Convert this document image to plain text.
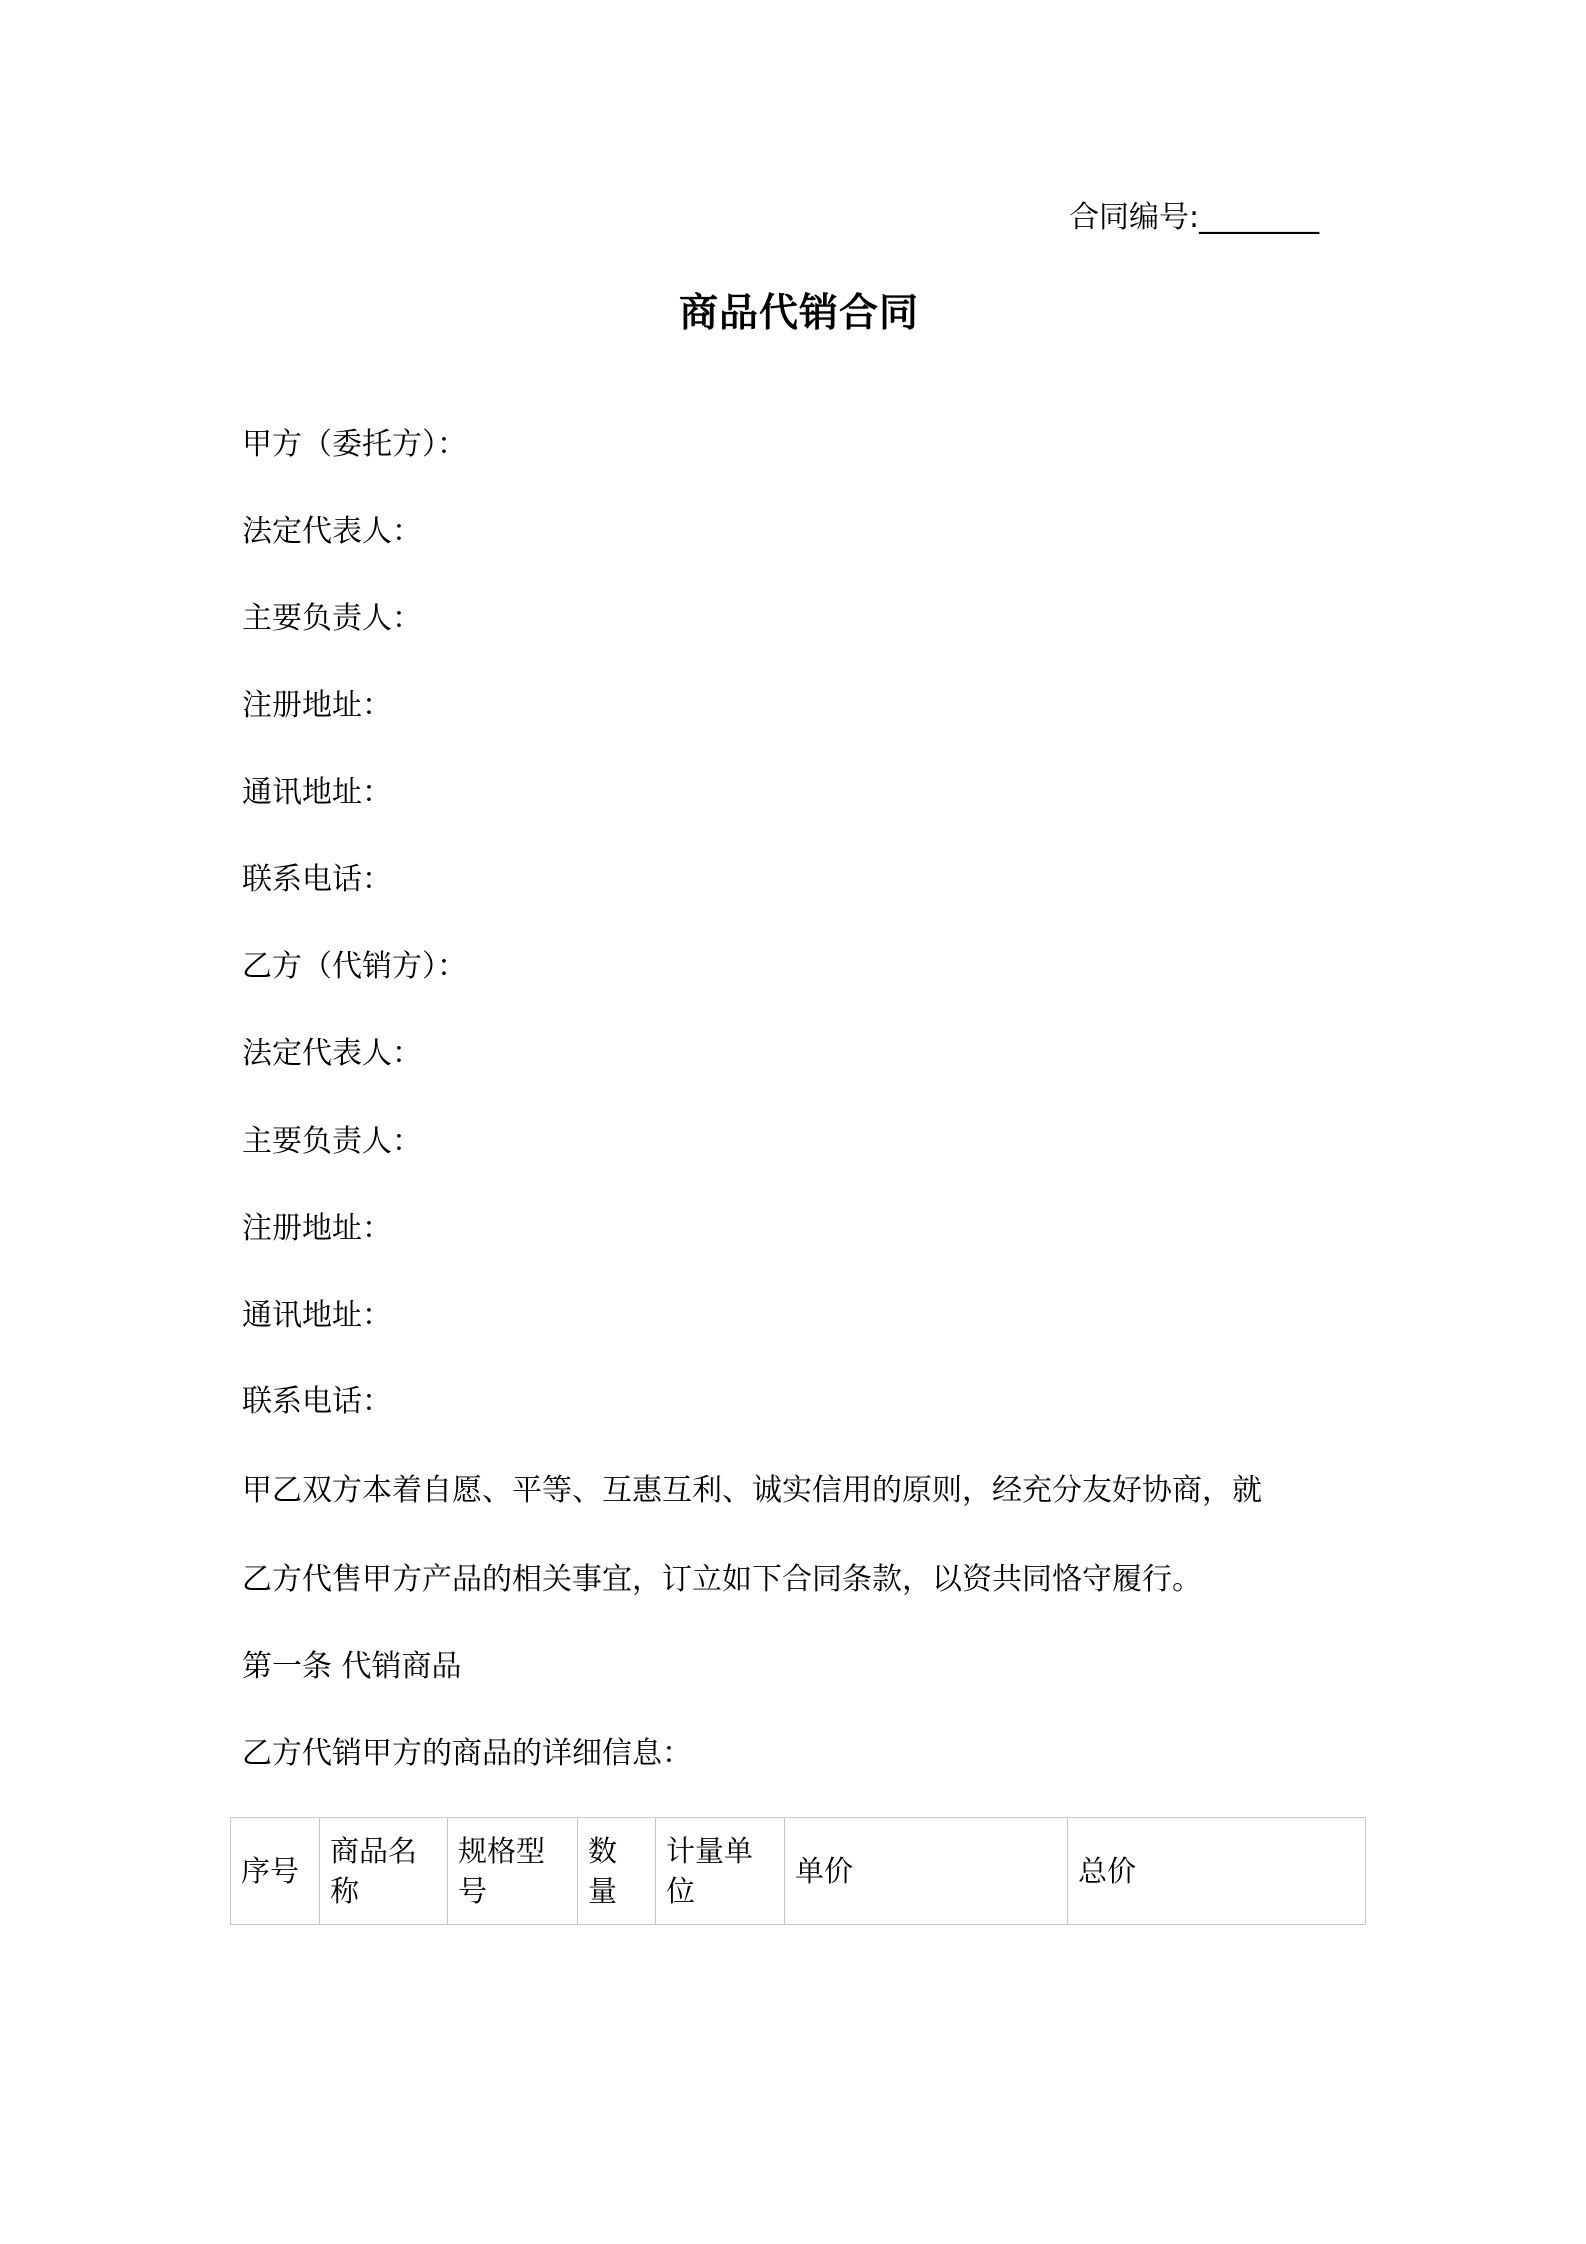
合同编号:________
商品代销合同
甲方（委托方）：
法定代表人：
主要负责人：
注册地址：
通讯地址：
联系电话：
乙方（代销方）：
法定代表人：
主要负责人：
注册地址：
通讯地址：
联系电话：
甲乙双方本着自愿、平等、互惠互利、诚实信用的原则，经充分友好协商，就
乙方代售甲方产品的相关事宜，订立如下合同条款，以资共同恪守履行。
第一条 代销商品
乙方代销甲方的商品的详细信息：
序号	商品名称	规格型号	数量	计量单位	单价	总价
